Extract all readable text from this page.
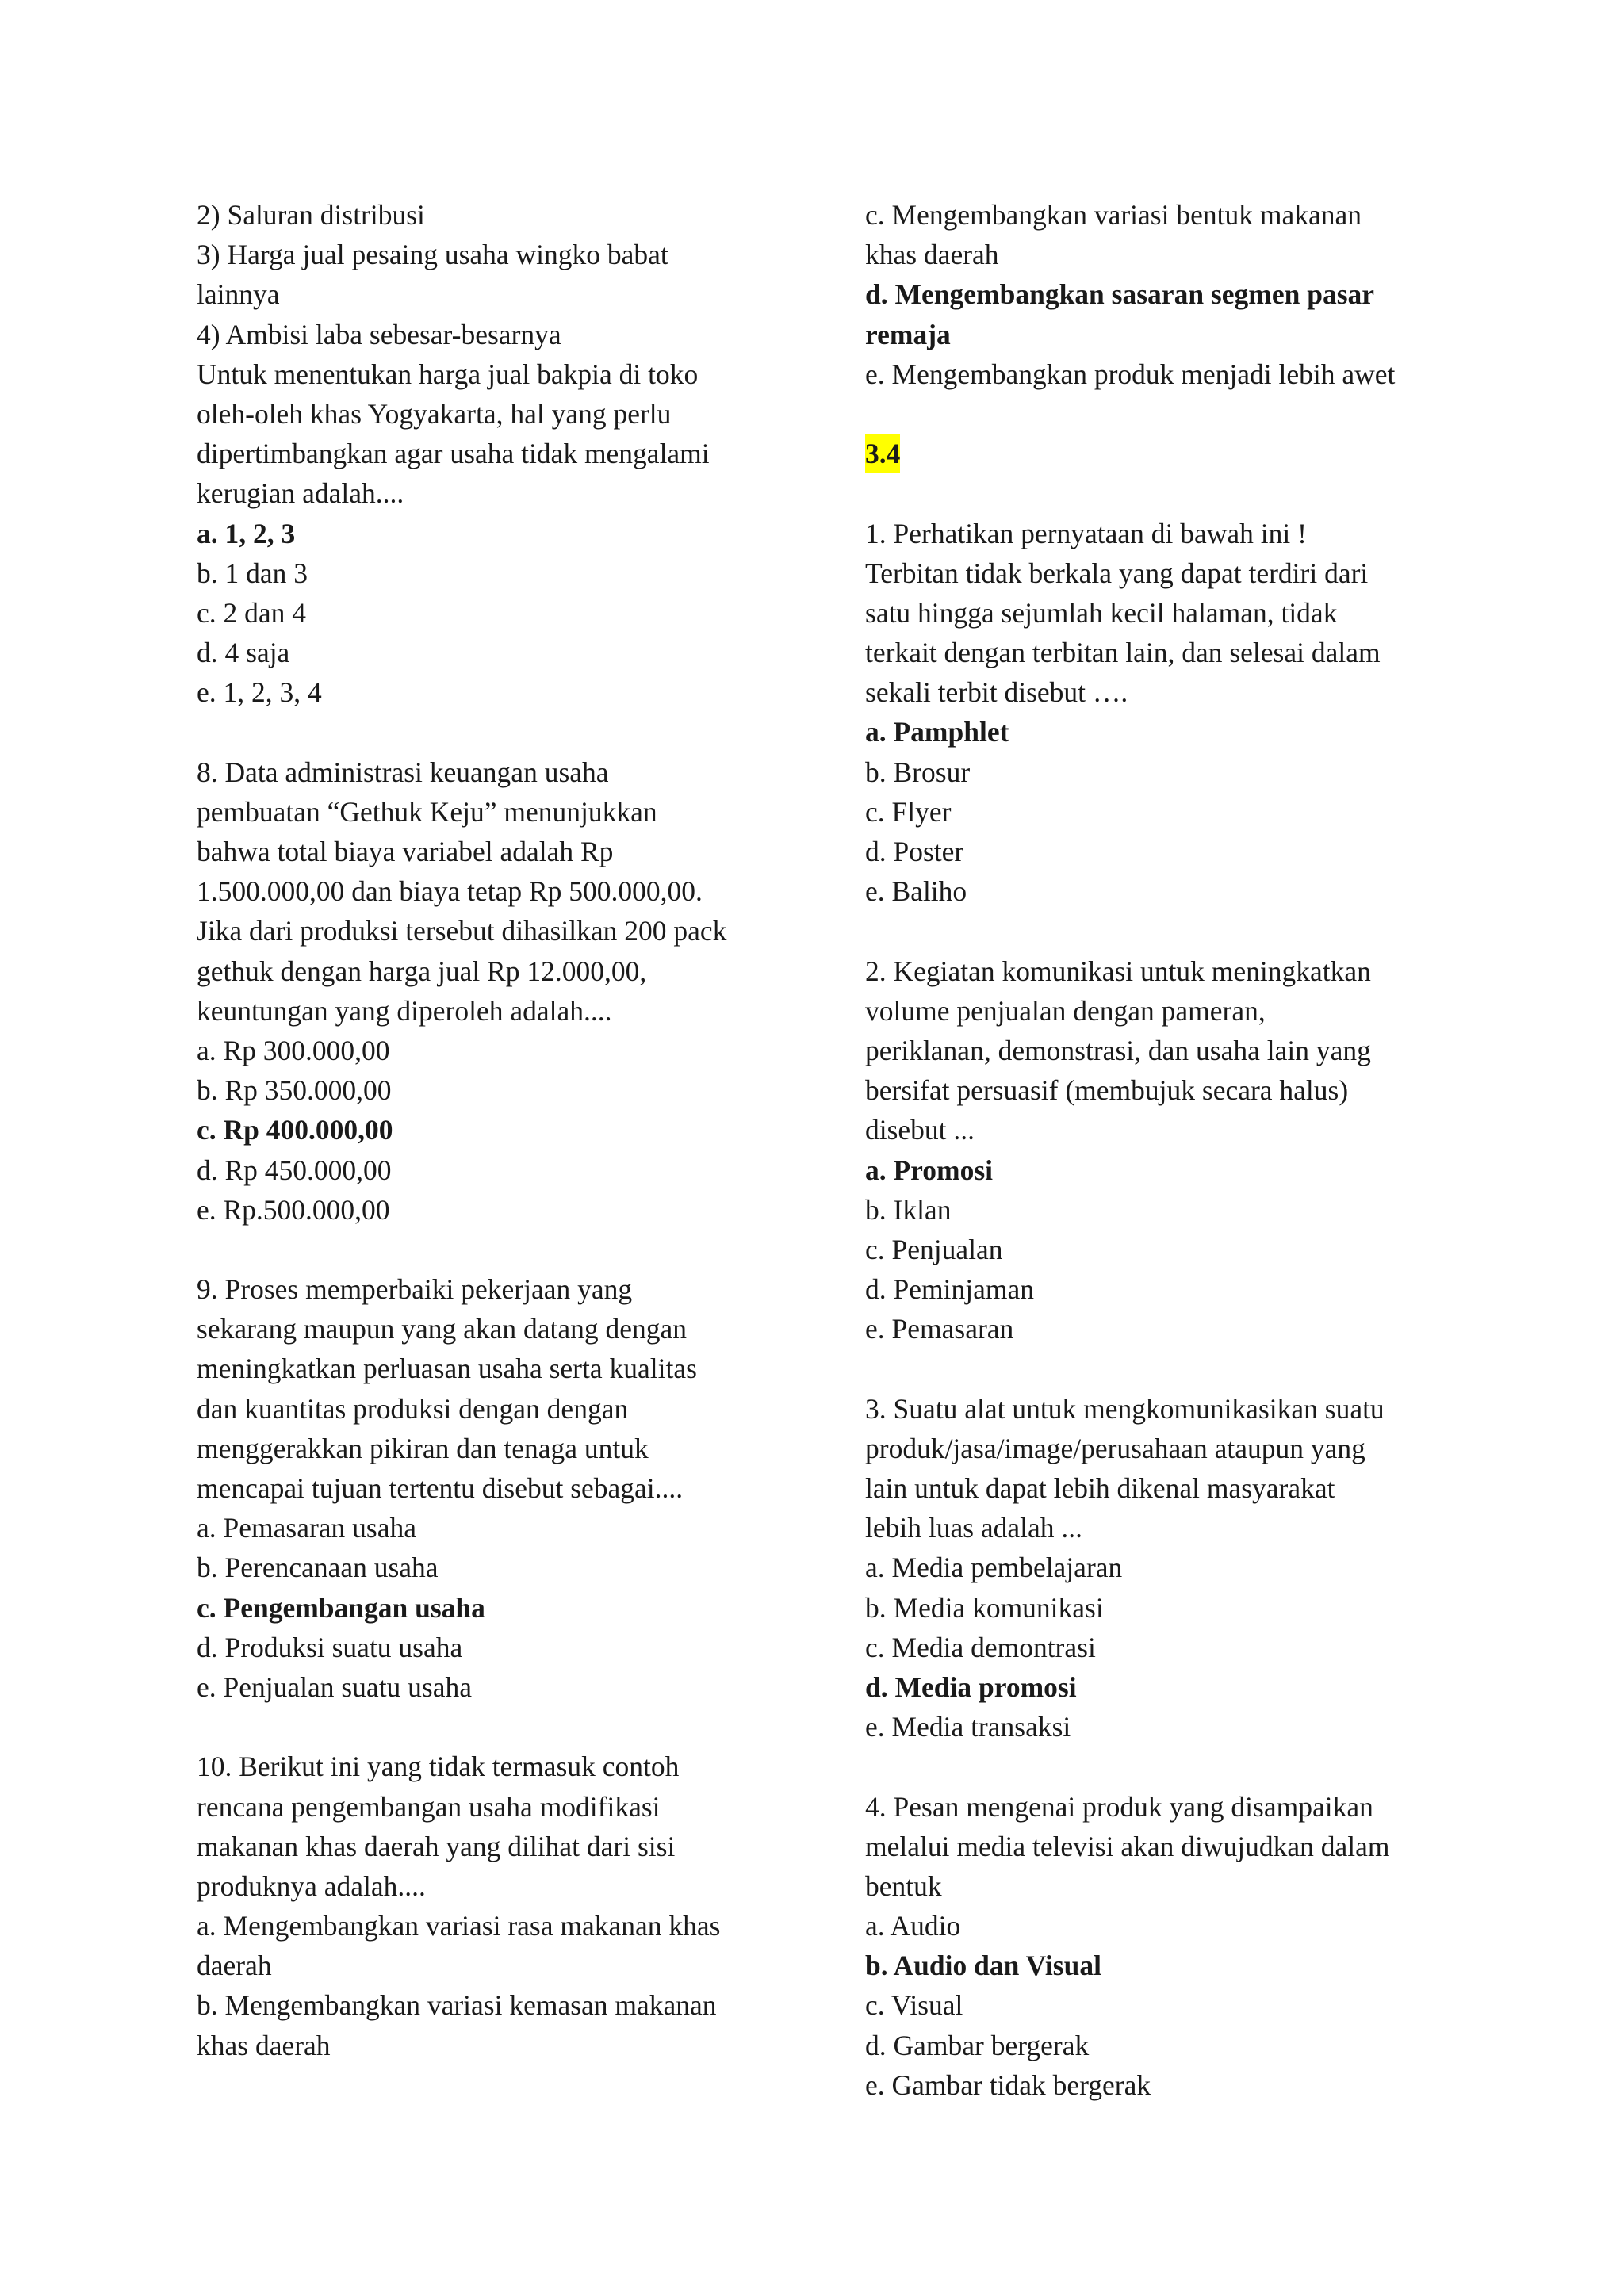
2) Saluran distribusi
3) Harga jual pesaing usaha wingko babat
lainnya
4) Ambisi laba sebesar-besarnya
Untuk menentukan harga jual bakpia di toko
oleh-oleh khas Yogyakarta, hal yang perlu
dipertimbangkan agar usaha tidak mengalami
kerugian adalah....
a. 1, 2, 3
b. 1 dan 3
c. 2 dan 4
d. 4 saja
e. 1, 2, 3, 4
8. Data administrasi keuangan usaha
pembuatan “Gethuk Keju” menunjukkan
bahwa total biaya variabel adalah Rp
1.500.000,00 dan biaya tetap Rp 500.000,00.
Jika dari produksi tersebut dihasilkan 200 pack
gethuk dengan harga jual Rp 12.000,00,
keuntungan yang diperoleh adalah....
a. Rp 300.000,00
b. Rp 350.000,00
c. Rp 400.000,00
d. Rp 450.000,00
e. Rp.500.000,00
9. Proses memperbaiki pekerjaan yang
sekarang maupun yang akan datang dengan
meningkatkan perluasan usaha serta kualitas
dan kuantitas produksi dengan dengan
menggerakkan pikiran dan tenaga untuk
mencapai tujuan tertentu disebut sebagai....
a. Pemasaran usaha
b. Perencanaan usaha
c. Pengembangan usaha
d. Produksi suatu usaha
e. Penjualan suatu usaha
10. Berikut ini yang tidak termasuk contoh
rencana pengembangan usaha modifikasi
makanan khas daerah yang dilihat dari sisi
produknya adalah....
a. Mengembangkan variasi rasa makanan khas
daerah
b. Mengembangkan variasi kemasan makanan
khas daerah
c. Mengembangkan variasi bentuk makanan
khas daerah
d. Mengembangkan sasaran segmen pasar
remaja
e. Mengembangkan produk menjadi lebih awet
3.4
1. Perhatikan pernyataan di bawah ini !
Terbitan tidak berkala yang dapat terdiri dari
satu hingga sejumlah kecil halaman, tidak
terkait dengan terbitan lain, dan selesai dalam
sekali terbit disebut ….
a. Pamphlet
b. Brosur
c. Flyer
d. Poster
e. Baliho
2. Kegiatan komunikasi untuk meningkatkan
volume penjualan dengan pameran,
periklanan, demonstrasi, dan usaha lain yang
bersifat persuasif (membujuk secara halus)
disebut ...
a. Promosi
b. Iklan
c. Penjualan
d. Peminjaman
e. Pemasaran
3. Suatu alat untuk mengkomunikasikan suatu
produk/jasa/image/perusahaan ataupun yang
lain untuk dapat lebih dikenal masyarakat
lebih luas adalah ...
a. Media pembelajaran
b. Media komunikasi
c. Media demontrasi
d. Media promosi
e. Media transaksi
4. Pesan mengenai produk yang disampaikan
melalui media televisi akan diwujudkan dalam
bentuk
a. Audio
b. Audio dan Visual
c. Visual
d. Gambar bergerak
e. Gambar tidak bergerak
